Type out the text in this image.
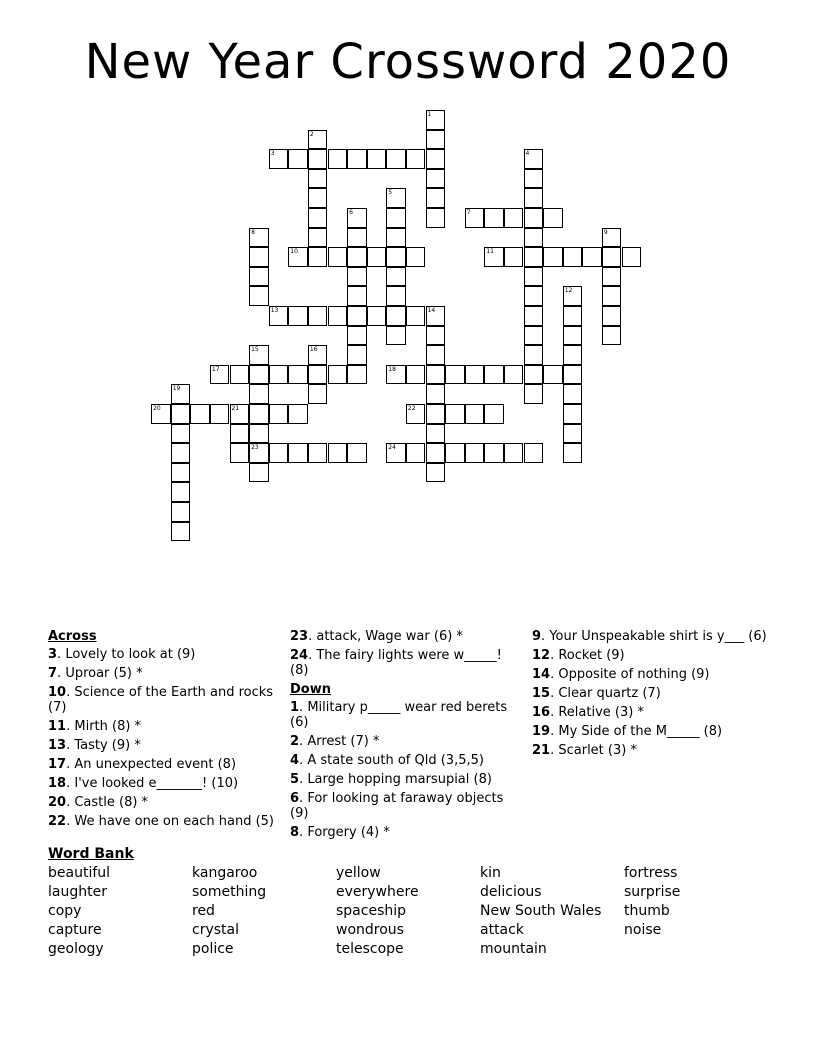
New Year Crossword 2020
1
2
3	4
5
6	7
8	9
10	11
12
13	14
15
23
16
17	18
19
20	21	22
24
Across
3. Lovely to look at (9)
7. Uproar (5) *
10. Science of the Earth and rocks (7)
11. Mirth (8) *
13. Tasty (9) *
17. An unexpected event (8)
18. I've looked e_______! (10)
20. Castle (8) *
22. We have one on each hand (5)
23. attack, Wage war (6) *
24. The fairy lights were w_____! (8)
Down
1. Military p_____ wear red berets (6)
2. Arrest (7) *
4. A state south of Qld (3,5,5)
5. Large hopping marsupial (8)
6. For looking at faraway objects (9)
8. Forgery (4) *
9. Your Unspeakable shirt is y___ (6)
12. Rocket (9)
14. Opposite of nothing (9)
15. Clear quartz (7)
16. Relative (3) *
19. My Side of the M_____ (8)
21. Scarlet (3) *
Word Bank
beautiful
laughter
copy
capture
geology
kangaroo
something
red
crystal
police
yellow
everywhere
spaceship
wondrous
telescope
kin
delicious
New South Wales
attack
mountain
fortress
surprise
thumb
noise
